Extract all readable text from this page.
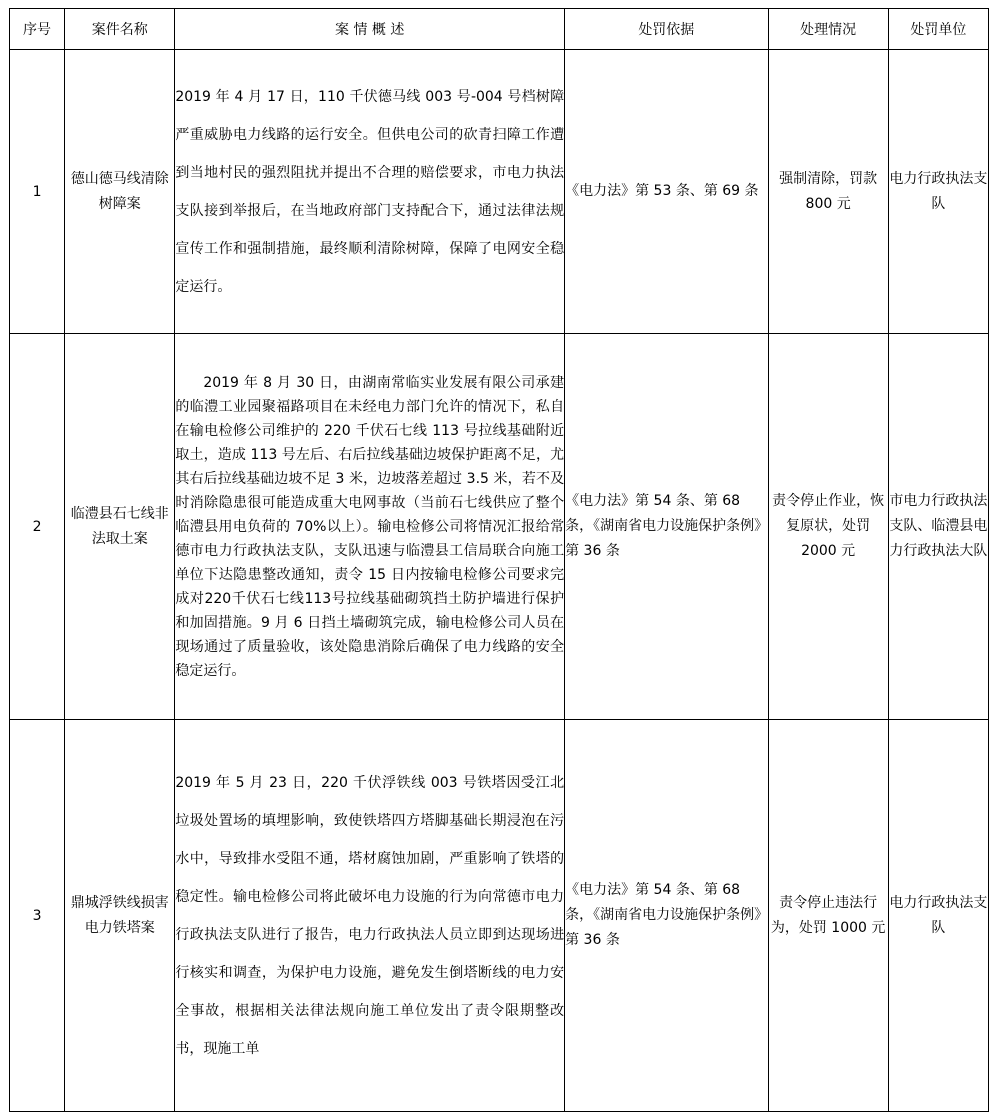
序号	案件名称	案 情 概 述	处罚依据	处理情况	处罚单位
1	德山德马线清除树障案	2019 年 4 月 17 日，110 千伏德马线 003 号-004 号档树障严重威胁电力线路的运行安全。但供电公司的砍青扫障工作遭到当地村民的强烈阻扰并提出不合理的赔偿要求，市电力执法支队接到举报后，在当地政府部门支持配合下，通过法律法规宣传工作和强制措施，最终顺利清除树障，保障了电网安全稳定运行。	《电力法》第 53 条、第 69 条	强制清除，罚款 800 元	电力行政执法支队
2	临澧县石七线非法取土案	2019 年 8 月 30 日，由湖南常临实业发展有限公司承建的临澧工业园聚福路项目在未经电力部门允许的情况下，私自在输电检修公司维护的 220 千伏石七线 113 号拉线基础附近取土，造成 113 号左后、右后拉线基础边坡保护距离不足，尤其右后拉线基础边坡不足 3 米，边坡落差超过 3.5 米，若不及时消除隐患很可能造成重大电网事故（当前石七线供应了整个临澧县用电负荷的 70%以上）。输电检修公司将情况汇报给常德市电力行政执法支队，支队迅速与临澧县工信局联合向施工单位下达隐患整改通知，责令 15 日内按输电检修公司要求完成对220千伏石七线113号拉线基础砌筑挡土防护墙进行保护和加固措施。9 月 6 日挡土墙砌筑完成，输电检修公司人员在现场通过了质量验收，该处隐患消除后确保了电力线路的安全稳定运行。	《电力法》第 54 条、第 68 条，《湖南省电力设施保护条例》第 36 条	责令停止作业，恢复原状，处罚 2000 元	市电力行政执法支队、临澧县电力行政执法大队
3	鼎城浮铁线损害电力铁塔案	2019 年 5 月 23 日，220 千伏浮铁线 003 号铁塔因受江北垃圾处置场的填埋影响，致使铁塔四方塔脚基础长期浸泡在污水中，导致排水受阻不通，塔材腐蚀加剧，严重影响了铁塔的稳定性。输电检修公司将此破坏电力设施的行为向常德市电力行政执法支队进行了报告，电力行政执法人员立即到达现场进行核实和调查，为保护电力设施，避免发生倒塔断线的电力安全事故，根据相关法律法规向施工单位发出了责令限期整改书，现施工单	《电力法》第 54 条、第 68 条，《湖南省电力设施保护条例》第 36 条	责令停止违法行为，处罚 1000 元	电力行政执法支队
